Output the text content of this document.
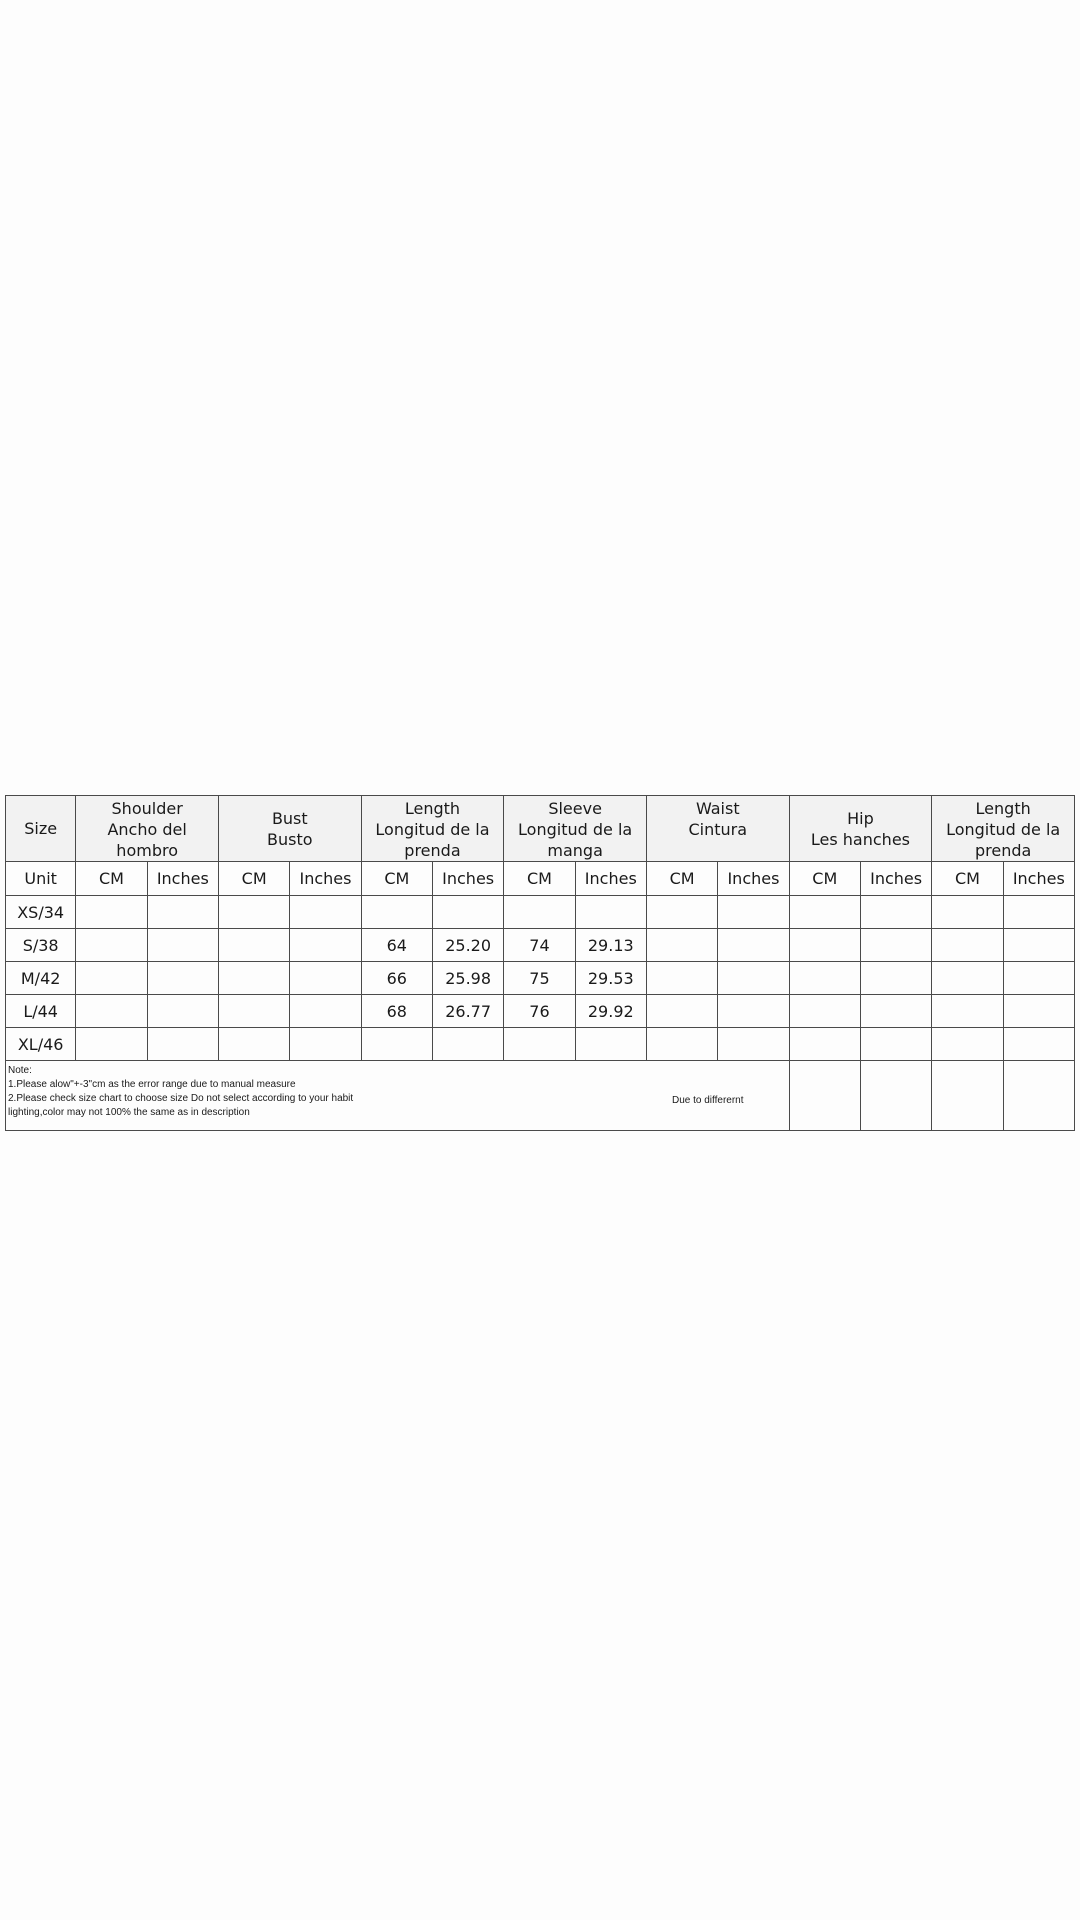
Size	Shoulder
Ancho del
hombro		Bust
Busto		Length
Longitud de la
prenda		Sleeve
Longitud de la
manga		Waist
Cintura		Hip
Les hanches		Length
Longitud de la
prenda	

Unit	CM	Inches	CM	Inches	CM	Inches	CM	Inches	CM	Inches	CM	Inches	CM	Inches
XS/34														
S/38					64	25.20	74	29.13						
M/42					66	25.98	75	29.53						
L/44					68	26.77	76	29.92						
XL/46														

Note:
1.Please alow"+-3"cm as the error range due to manual measure
2.Please check size chart to choose size Do not select according to your habit
lighting,color may not 100% the same as in description
Due to differernt														
